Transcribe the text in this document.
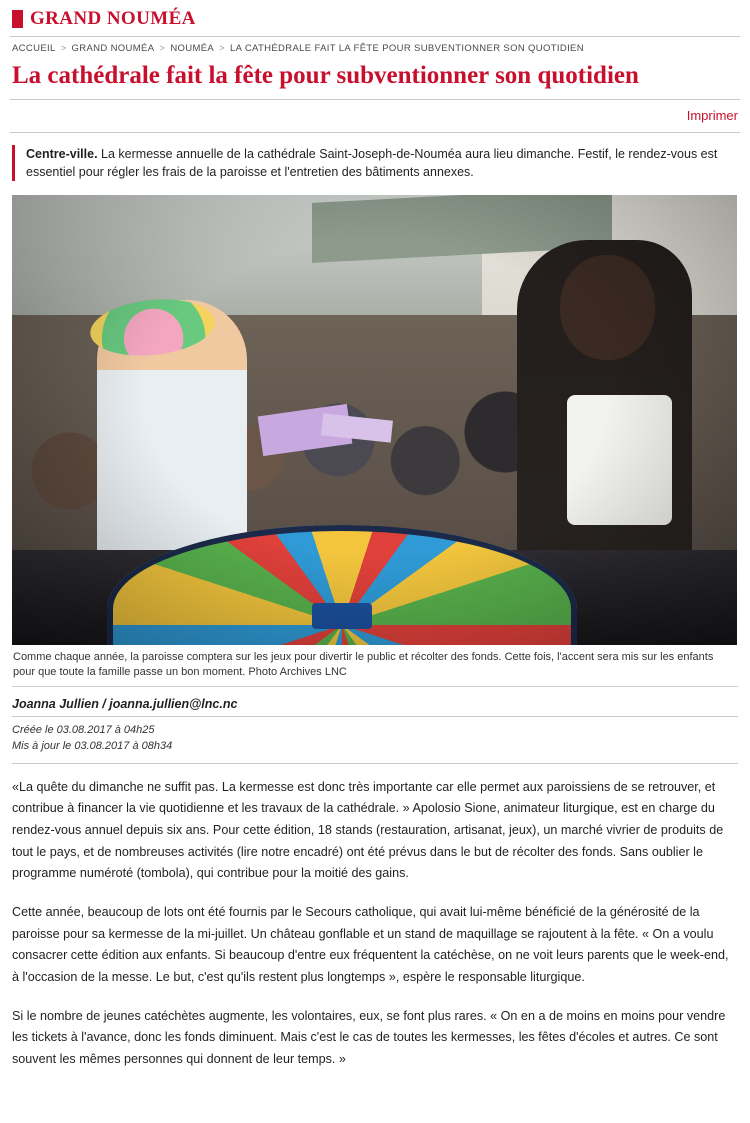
GRAND NOUMÉA
ACCUEIL > GRAND NOUMÉA > NOUMÉA > LA CATHÉDRALE FAIT LA FÊTE POUR SUBVENTIONNER SON QUOTIDIEN
La cathédrale fait la fête pour subventionner son quotidien
Imprimer
Centre-ville. La kermesse annuelle de la cathédrale Saint-Joseph-de-Nouméa aura lieu dimanche. Festif, le rendez-vous est essentiel pour régler les frais de la paroisse et l'entretien des bâtiments annexes.
Comme chaque année, la paroisse comptera sur les jeux pour divertir le public et récolter des fonds. Cette fois, l'accent sera mis sur les enfants pour que toute la famille passe un bon moment. Photo Archives LNC
Joanna Jullien / joanna.jullien@lnc.nc
Créée le 03.08.2017 à 04h25
Mis à jour le 03.08.2017 à 08h34

«La quête du dimanche ne suffit pas. La kermesse est donc très importante car elle permet aux paroissiens de se retrouver, et contribue à financer la vie quotidienne et les travaux de la cathédrale. » Apolosio Sione, animateur liturgique, est en charge du rendez-vous annuel depuis six ans. Pour cette édition, 18 stands (restauration, artisanat, jeux), un marché vivrier de produits de tout le pays, et de nombreuses activités (lire notre encadré) ont été prévus dans le but de récolter des fonds. Sans oublier le programme numéroté (tombola), qui contribue pour la moitié des gains.

Cette année, beaucoup de lots ont été fournis par le Secours catholique, qui avait lui-même bénéficié de la générosité de la paroisse pour sa kermesse de la mi-juillet. Un château gonflable et un stand de maquillage se rajoutent à la fête. « On a voulu consacrer cette édition aux enfants. Si beaucoup d'entre eux fréquentent la catéchèse, on ne voit leurs parents que le week-end, à l'occasion de la messe. Le but, c'est qu'ils restent plus longtemps », espère le responsable liturgique.

Si le nombre de jeunes catéchètes augmente, les volontaires, eux, se font plus rares. « On en a de moins en moins pour vendre les tickets à l'avance, donc les fonds diminuent. Mais c'est le cas de toutes les kermesses, les fêtes d'écoles et autres. Ce sont souvent les mêmes personnes qui donnent de leur temps. »
